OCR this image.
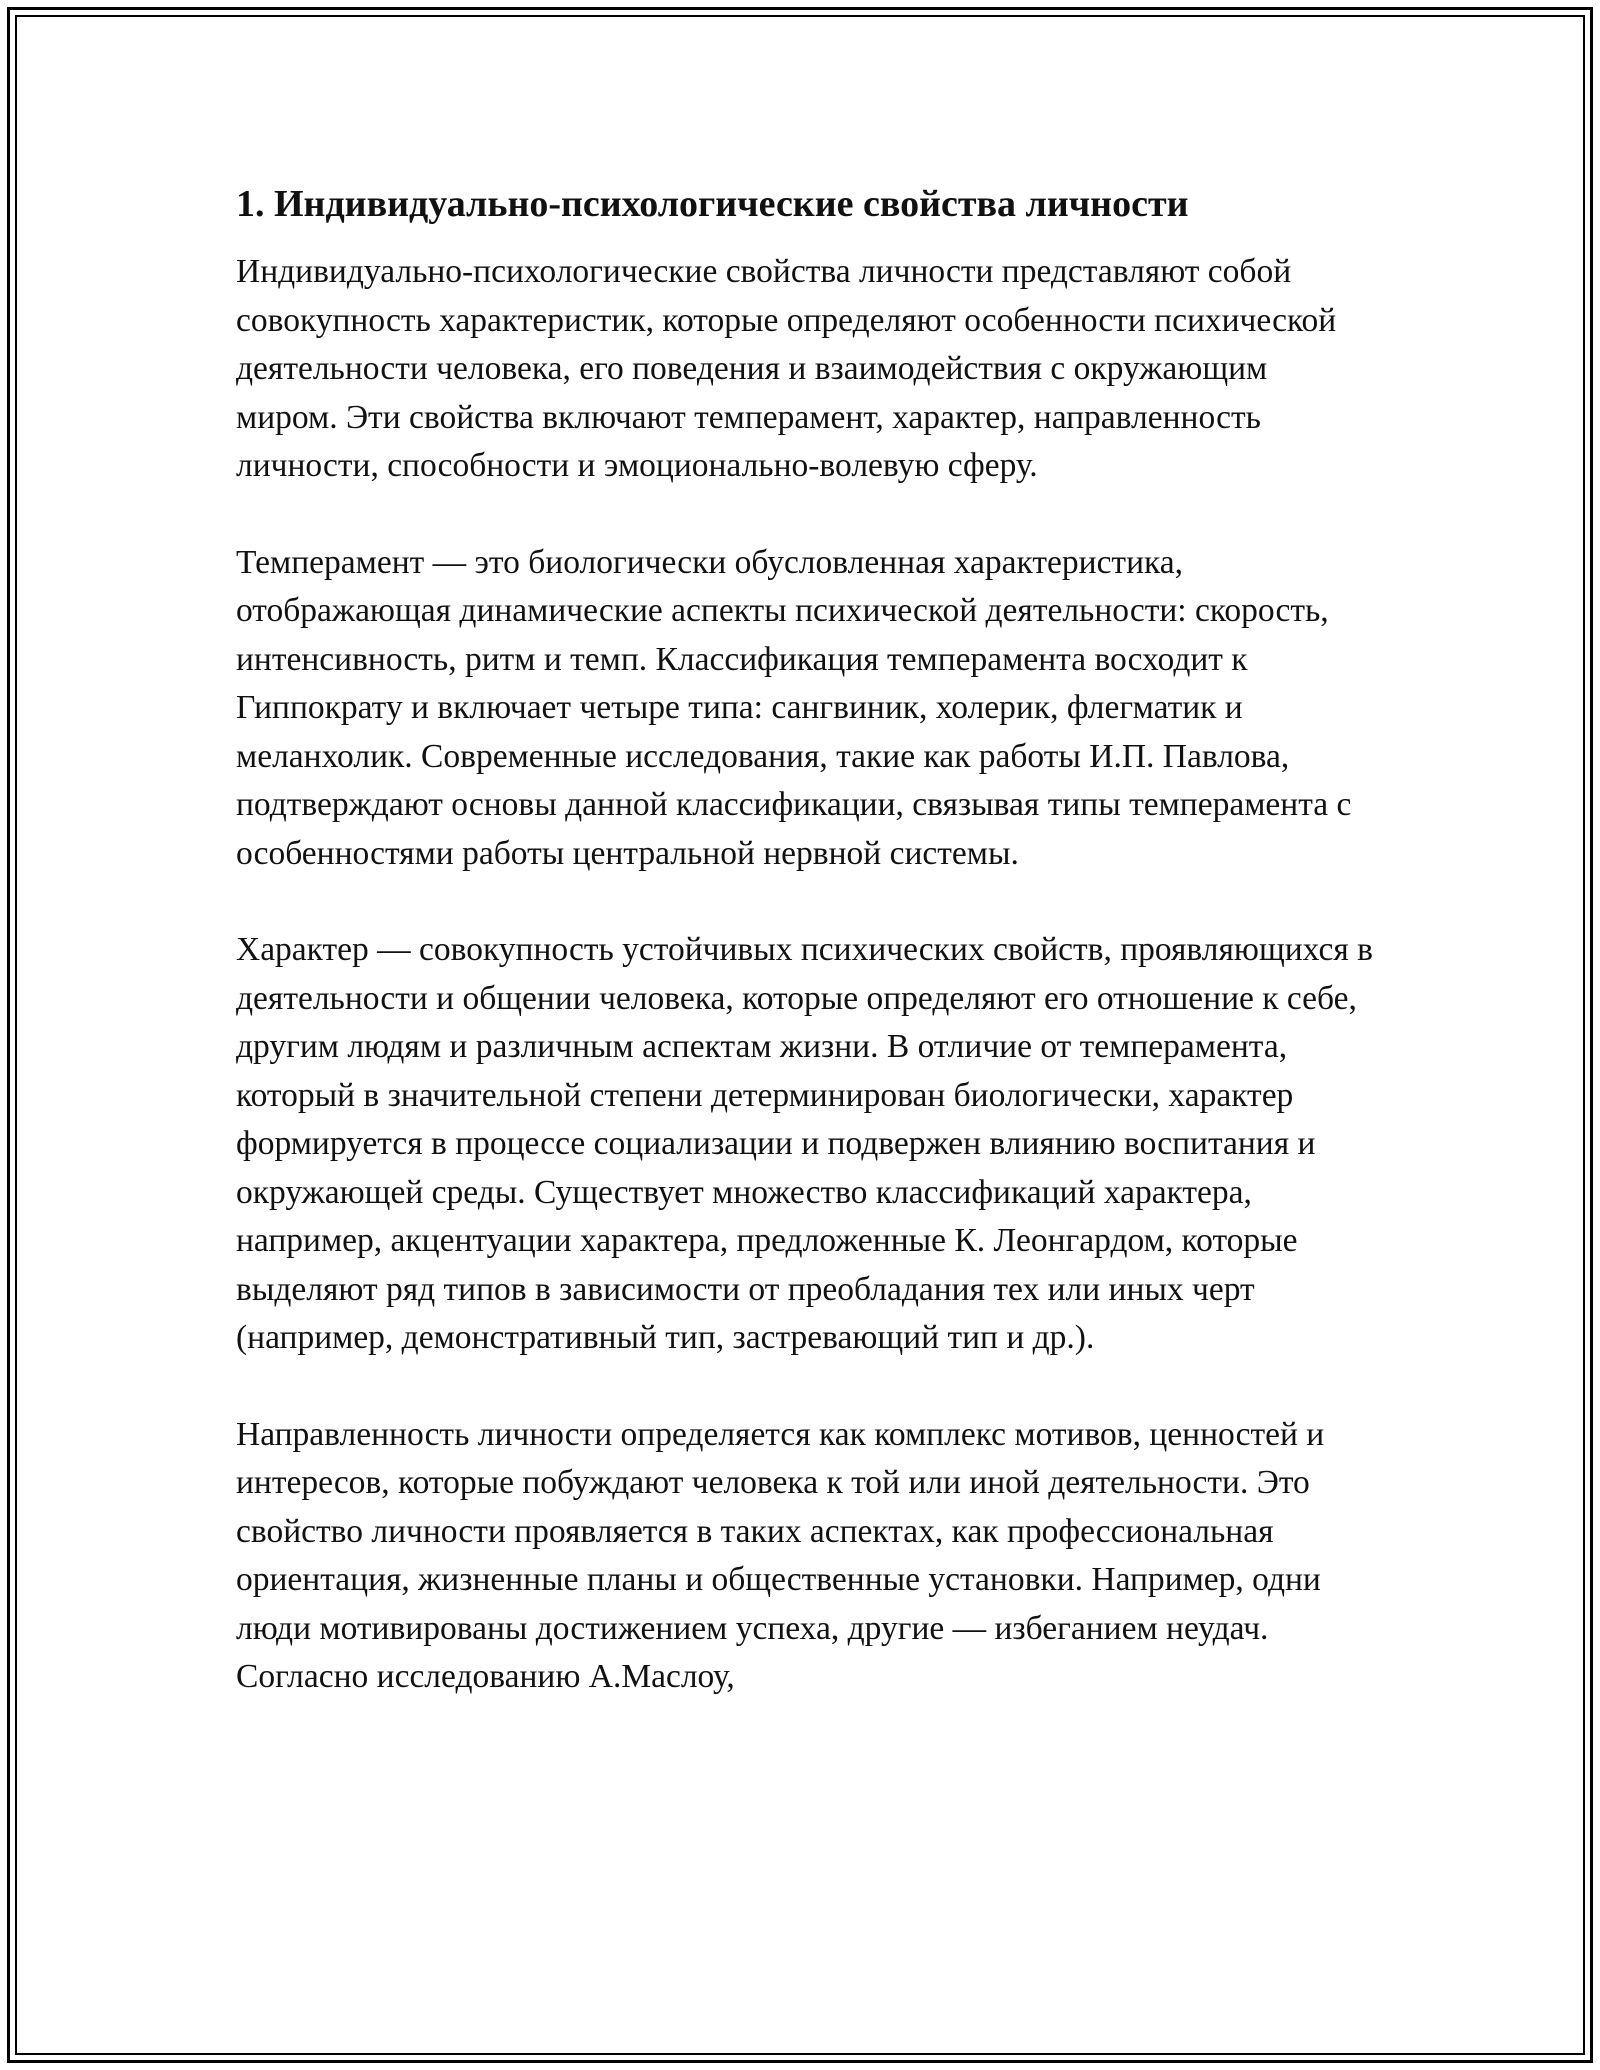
1. Индивидуально-психологические свойства личности

Индивидуально-психологические свойства личности представляют собой совокупность характеристик, которые определяют особенности психической деятельности человека, его поведения и взаимодействия с окружающим миром. Эти свойства включают темперамент, характер, направленность личности, способности и эмоционально-волевую сферу.

Темперамент — это биологически обусловленная характеристика, отображающая динамические аспекты психической деятельности: скорость, интенсивность, ритм и темп. Классификация темперамента восходит к Гиппократу и включает четыре типа: сангвиник, холерик, флегматик и меланхолик. Современные исследования, такие как работы И.П. Павлова, подтверждают основы данной классификации, связывая типы темперамента с особенностями работы центральной нервной системы.

Характер — совокупность устойчивых психических свойств, проявляющихся в деятельности и общении человека, которые определяют его отношение к себе, другим людям и различным аспектам жизни. В отличие от темперамента, который в значительной степени детерминирован биологически, характер формируется в процессе социализации и подвержен влиянию воспитания и окружающей среды. Существует множество классификаций характера, например, акцентуации характера, предложенные К. Леонгардом, которые выделяют ряд типов в зависимости от преобладания тех или иных черт (например, демонстративный тип, застревающий тип и др.).

Направленность личности определяется как комплекс мотивов, ценностей и интересов, которые побуждают человека к той или иной деятельности. Это свойство личности проявляется в таких аспектах, как профессиональная ориентация, жизненные планы и общественные установки. Например, одни люди мотивированы достижением успеха, другие — избеганием неудач. Согласно исследованию А.Маслоу,
